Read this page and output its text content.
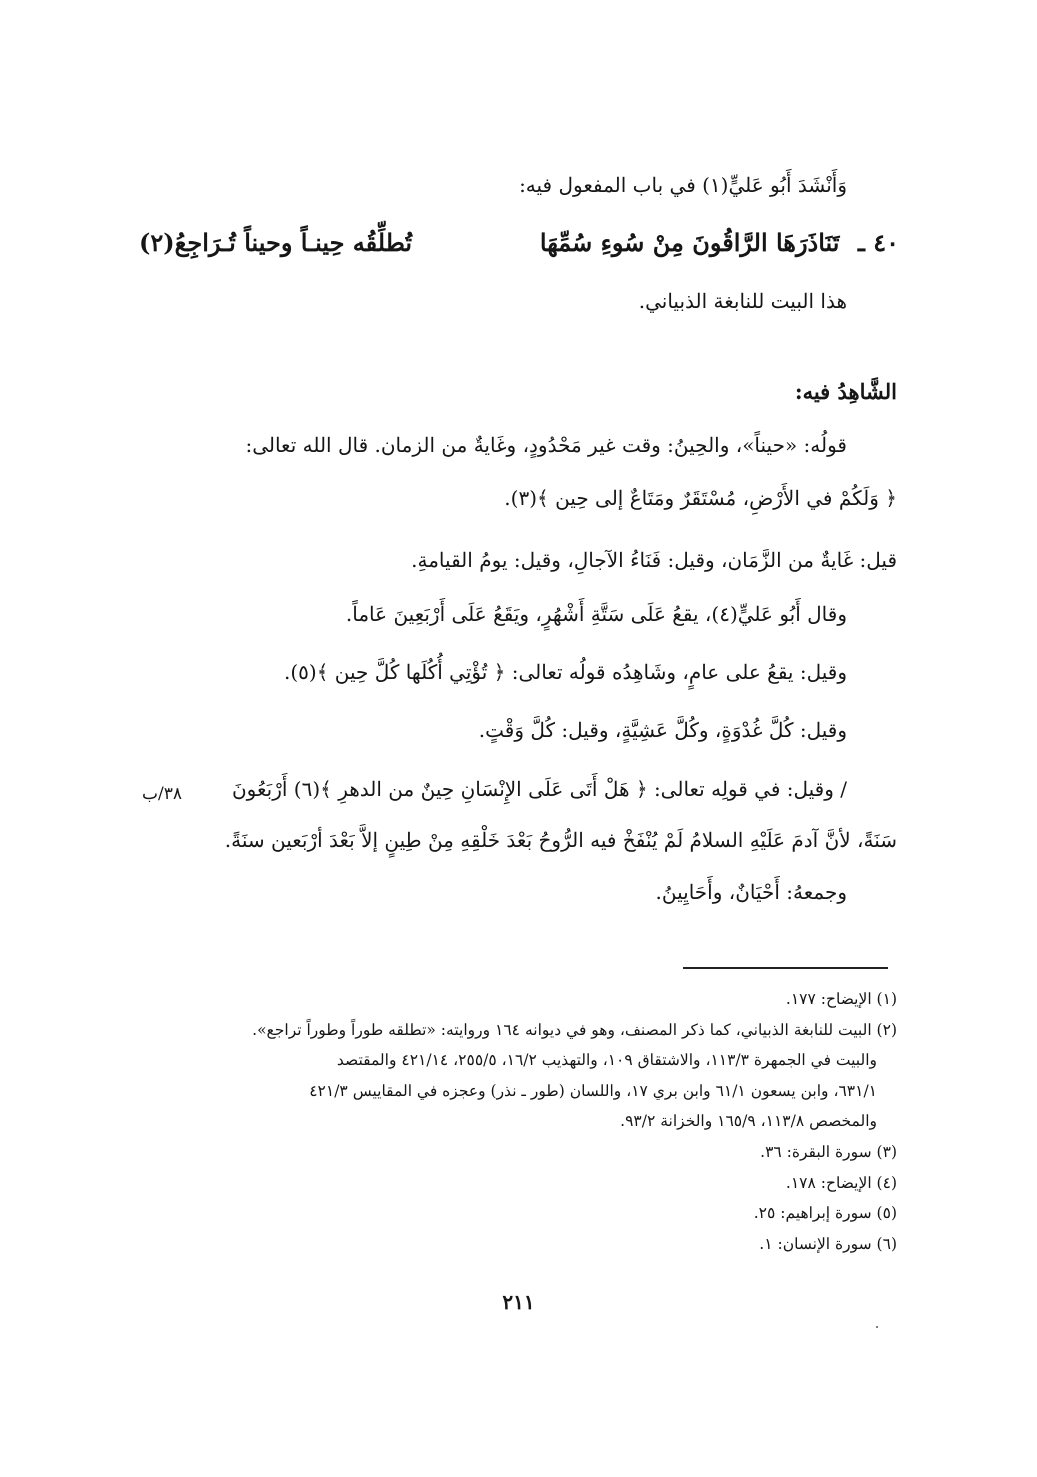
وَأَنْشَدَ أَبُو عَليٍّ(١) في باب المفعول فيه:
٤٠ ـ تَنَاذَرَهَا الرَّاقُونَ مِنْ سُوءِ سُمِّهَا
تُطلِّقُه حِينـاً وحيناً تُـرَاجِعُ(٢)
هذا البيت للنابغة الذبياني.
الشَّاهِدُ فيه:
قولُه: «حيناً»، والحِينُ: وقت غير مَحْدُودٍ، وغَايةٌ من الزمان. قال الله تعالى:
﴿ وَلَكُمْ في الأَرْضِ، مُسْتَقَرٌ ومَتَاعٌ إلى حِين ﴾(٣).
قيل: غَايةٌ من الزَّمَان، وقيل: فَنَاءُ الآجالِ، وقيل: يومُ القيامةِ.
وقال أَبُو عَليٍّ(٤)، يقعُ عَلَى سَتَّةِ أَشْهُرٍ، ويَقَعُ عَلَى أَرْبَعِينَ عَاماً.
وقيل: يقعُ على عامٍ، وشَاهِدُه قولُه تعالى: ﴿ تُؤْتِي أُكُلَها كُلَّ حِين ﴾(٥).
وقيل: كُلَّ غُدْوَةٍ، وكُلَّ عَشِيَّةٍ، وقيل: كُلَّ وَقْتٍ.
/ وقيل: في قولِه تعالى: ﴿ هَلْ أَتَى عَلَى الإِنْسَانِ حِينٌ من الدهرِ ﴾(٦) أَرْبَعُونَ
سَنَةً، لأنَّ آدمَ عَلَيْهِ السلامُ لَمْ يُنْفَخْ فيه الرُّوحُ بَعْدَ خَلْقِهِ مِنْ طِينٍ إلاَّ بَعْدَ أرْبَعين سنَةً.
وجمعهُ: أَحْيَانٌ، وأَحَايِينُ.
٣٨/ب
(١) الإيضاح: ١٧٧.
(٢) البيت للنابغة الذبياني، كما ذكر المصنف، وهو في ديوانه ١٦٤ وروايته: «تطلقه طوراً وطوراً تراجع».
والبيت في الجمهرة ١١٣/٣، والاشتقاق ١٠٩، والتهذيب ١٦/٢، ٢٥٥/٥، ٤٢١/١٤ والمقتصد
٦٣١/١، وابن يسعون ٦١/١ وابن بري ١٧، واللسان (طور ـ نذر) وعجزه في المقاييس ٤٢١/٣
والمخصص ١١٣/٨، ١٦٥/٩ والخزانة ٩٣/٢.
(٣) سورة البقرة: ٣٦.
(٤) الإيضاح: ١٧٨.
(٥) سورة إبراهيم: ٢٥.
(٦) سورة الإنسان: ١.
٢١١
